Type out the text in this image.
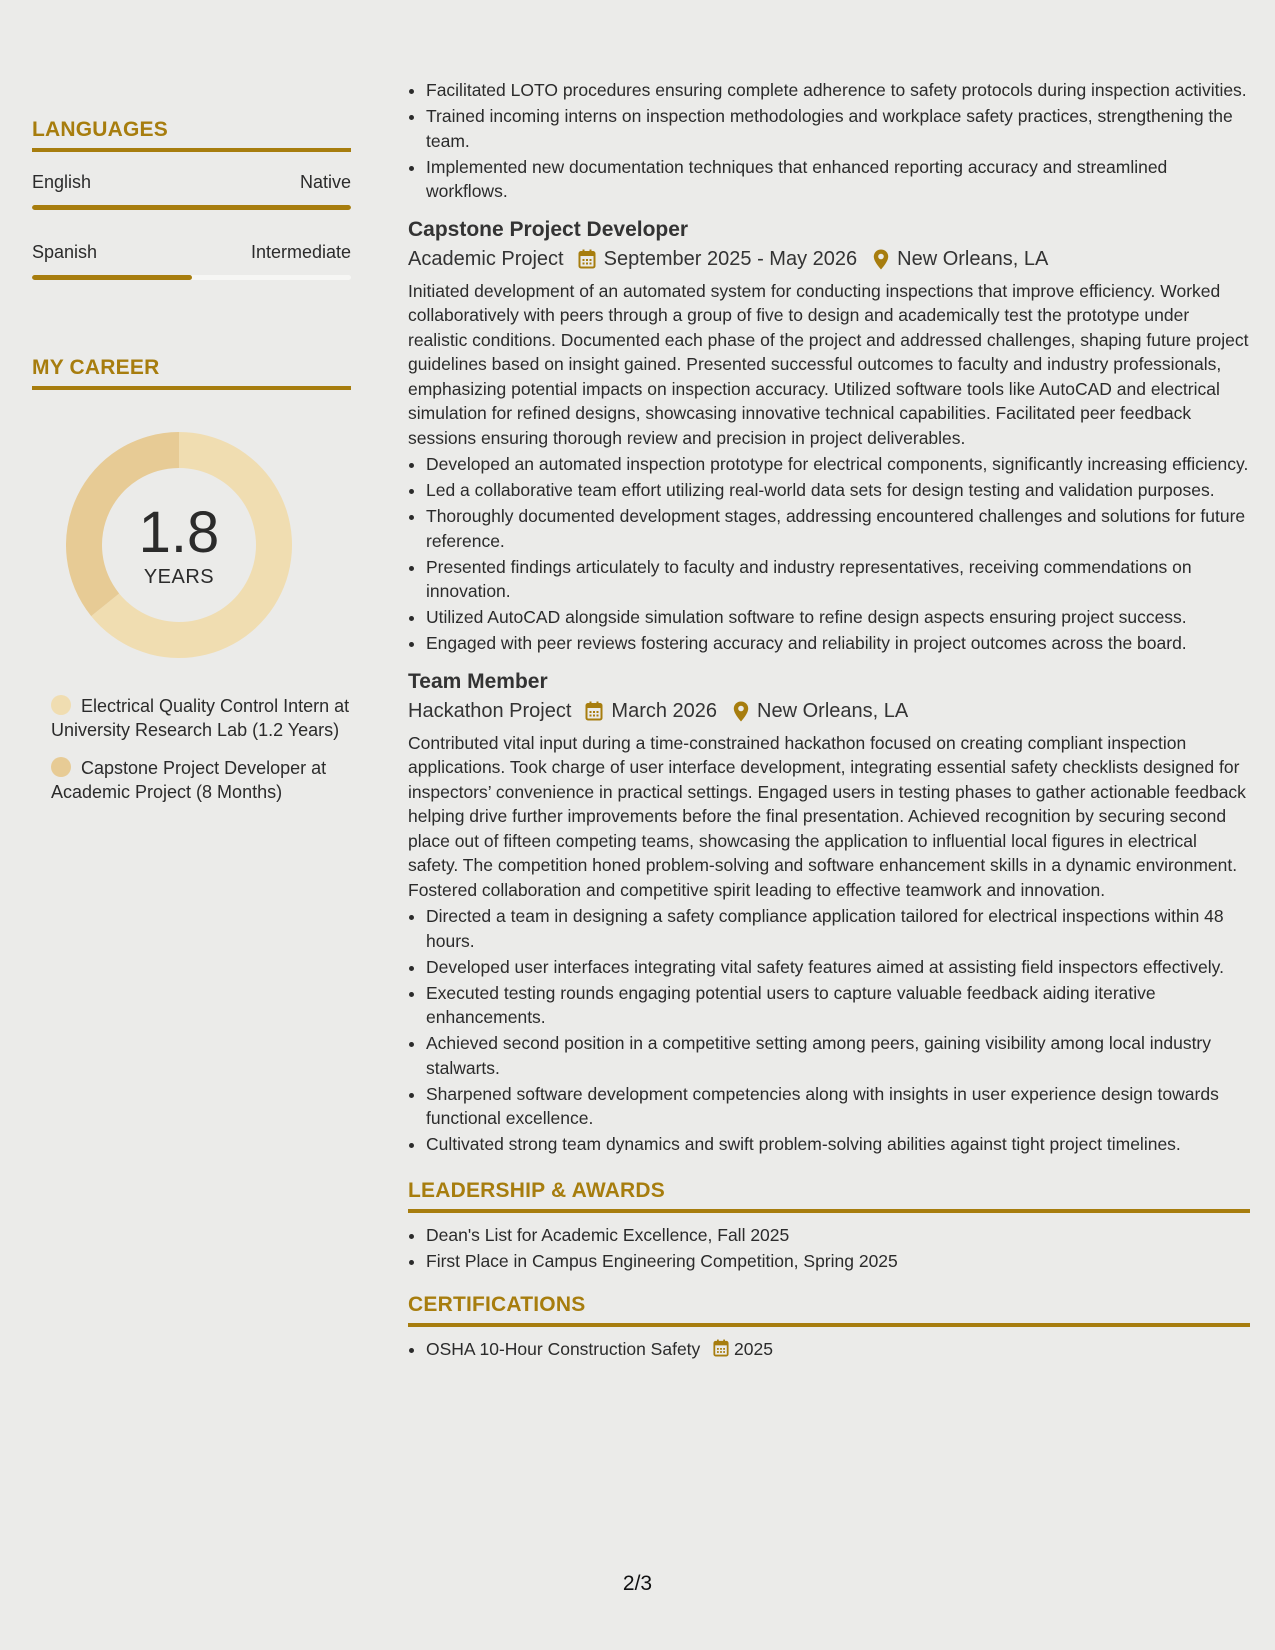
LANGUAGES
English	Native
Spanish	Intermediate
MY CAREER
1.8
YEARS
Electrical Quality Control Intern at University Research Lab (1.2 Years)
Capstone Project Developer at Academic Project (8 Months)
• Facilitated LOTO procedures ensuring complete adherence to safety protocols during inspection activities.
• Trained incoming interns on inspection methodologies and workplace safety practices, strengthening the team.
• Implemented new documentation techniques that enhanced reporting accuracy and streamlined workflows.
Capstone Project Developer
Academic Project September 2025 - May 2026 New Orleans, LA

Initiated development of an automated system for conducting inspections that improve efficiency. Worked collaboratively with peers through a group of five to design and academically test the prototype under realistic conditions. Documented each phase of the project and addressed challenges, shaping future project guidelines based on insight gained. Presented successful outcomes to faculty and industry professionals, emphasizing potential impacts on inspection accuracy. Utilized software tools like AutoCAD and electrical simulation for refined designs, showcasing innovative technical capabilities. Facilitated peer feedback sessions ensuring thorough review and precision in project deliverables.

• Developed an automated inspection prototype for electrical components, significantly increasing efficiency.
• Led a collaborative team effort utilizing real-world data sets for design testing and validation purposes.
• Thoroughly documented development stages, addressing encountered challenges and solutions for future reference.
• Presented findings articulately to faculty and industry representatives, receiving commendations on innovation.
• Utilized AutoCAD alongside simulation software to refine design aspects ensuring project success.
• Engaged with peer reviews fostering accuracy and reliability in project outcomes across the board.
Team Member
Hackathon Project March 2026 New Orleans, LA

Contributed vital input during a time-constrained hackathon focused on creating compliant inspection applications. Took charge of user interface development, integrating essential safety checklists designed for inspectors’ convenience in practical settings. Engaged users in testing phases to gather actionable feedback helping drive further improvements before the final presentation. Achieved recognition by securing second place out of fifteen competing teams, showcasing the application to influential local figures in electrical safety. The competition honed problem-solving and software enhancement skills in a dynamic environment. Fostered collaboration and competitive spirit leading to effective teamwork and innovation.

• Directed a team in designing a safety compliance application tailored for electrical inspections within 48 hours.
• Developed user interfaces integrating vital safety features aimed at assisting field inspectors effectively.
• Executed testing rounds engaging potential users to capture valuable feedback aiding iterative enhancements.
• Achieved second position in a competitive setting among peers, gaining visibility among local industry stalwarts.
• Sharpened software development competencies along with insights in user experience design towards functional excellence.
• Cultivated strong team dynamics and swift problem-solving abilities against tight project timelines.
LEADERSHIP & AWARDS
• Dean's List for Academic Excellence, Fall 2025
• First Place in Campus Engineering Competition, Spring 2025
CERTIFICATIONS
• OSHA 10-Hour Construction Safety 2025
2/3
